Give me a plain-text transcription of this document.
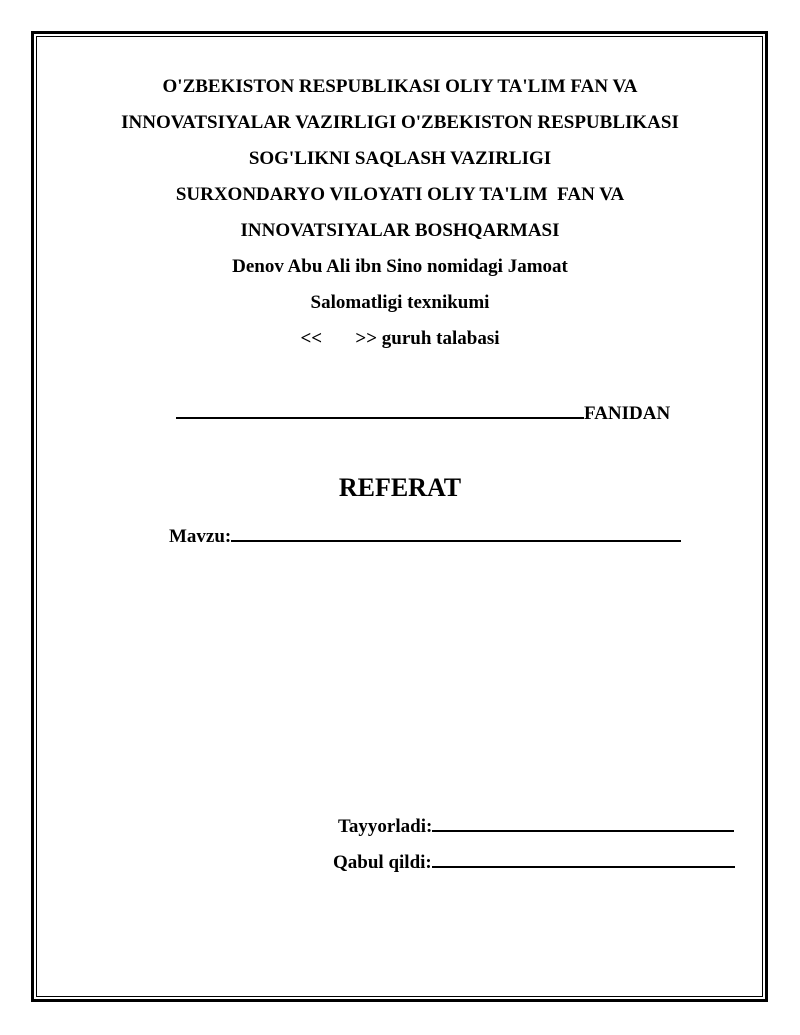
O'ZBEKISTON RESPUBLIKASI OLIY TA'LIM FAN VA
INNOVATSIYALAR VAZIRLIGI O'ZBEKISTON RESPUBLIKASI
SOG'LIKNI SAQLASH VAZIRLIGI
SURXONDARYO VILOYATI OLIY TA'LIM  FAN VA
INNOVATSIYALAR BOSHQARMASI
Denov Abu Ali ibn Sino nomidagi Jamoat
Salomatligi texnikumi
<< >> guruh talabasi
FANIDAN
REFERAT
Mavzu:
Tayyorladi:
Qabul qildi:
